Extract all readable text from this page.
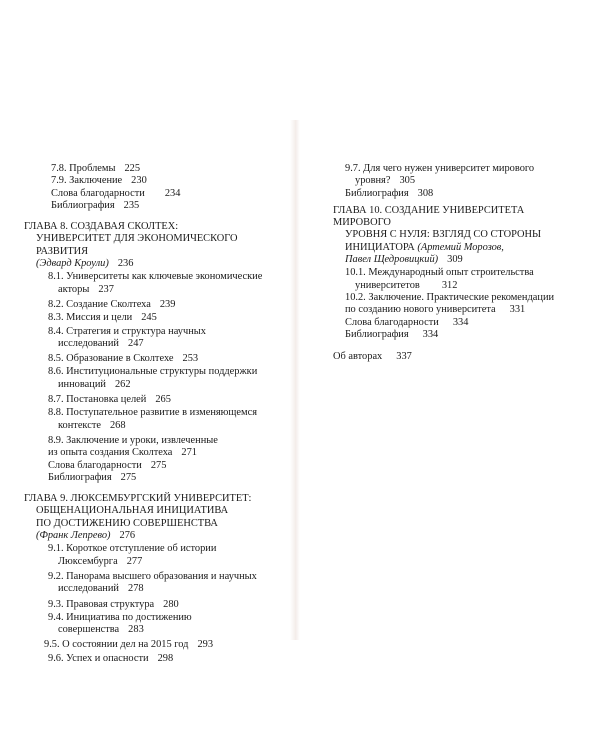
7.8. Проблемы 225

7.9. Заключение 230

Слова благодарности 234

Библиография 235

ГЛАВА 8. СОЗДАВАЯ СКОЛТЕХ:

УНИВЕРСИТЕТ ДЛЯ ЭКОНОМИЧЕСКОГО РАЗВИТИЯ

(Эдвард Кроули) 236

8.1. Университеты как ключевые экономические

акторы 237

8.2. Создание Сколтеха 239

8.3. Миссия и цели 245

8.4. Стратегия и структура научных

исследований 247

8.5. Образование в Сколтехе 253

8.6. Институциональные структуры поддержки

инноваций 262

8.7. Постановка целей 265

8.8. Поступательное развитие в изменяющемся

контексте 268

8.9. Заключение и уроки, извлеченные

из опыта создания Сколтеха 271

Слова благодарности 275

Библиография 275

ГЛАВА 9. ЛЮКСЕМБУРГСКИЙ УНИВЕРСИТЕТ:

ОБЩЕНАЦИОНАЛЬНАЯ ИНИЦИАТИВА

ПО ДОСТИЖЕНИЮ СОВЕРШЕНСТВА

(Франк Лепрево) 276

9.1. Короткое отступление об истории

Люксембурга 277

9.2. Панорама высшего образования и научных

исследований 278

9.3. Правовая структура 280

9.4. Инициатива по достижению

совершенства 283

9.5. О состоянии дел на 2015 год 293

9.6. Успех и опасности 298

9.7. Для чего нужен университет мирового

уровня? 305

Библиография 308

ГЛАВА 10. СОЗДАНИЕ УНИВЕРСИТЕТА МИРОВОГО

УРОВНЯ С НУЛЯ: ВЗГЛЯД СО СТОРОНЫ

ИНИЦИАТОРА (Артемий Морозов,

Павел Щедровицкий) 309

10.1. Международный опыт строительства

университетов 312

10.2. Заключение. Практические рекомендации

по созданию нового университета 331

Слова благодарности 334

Библиография 334

Об авторах 337
